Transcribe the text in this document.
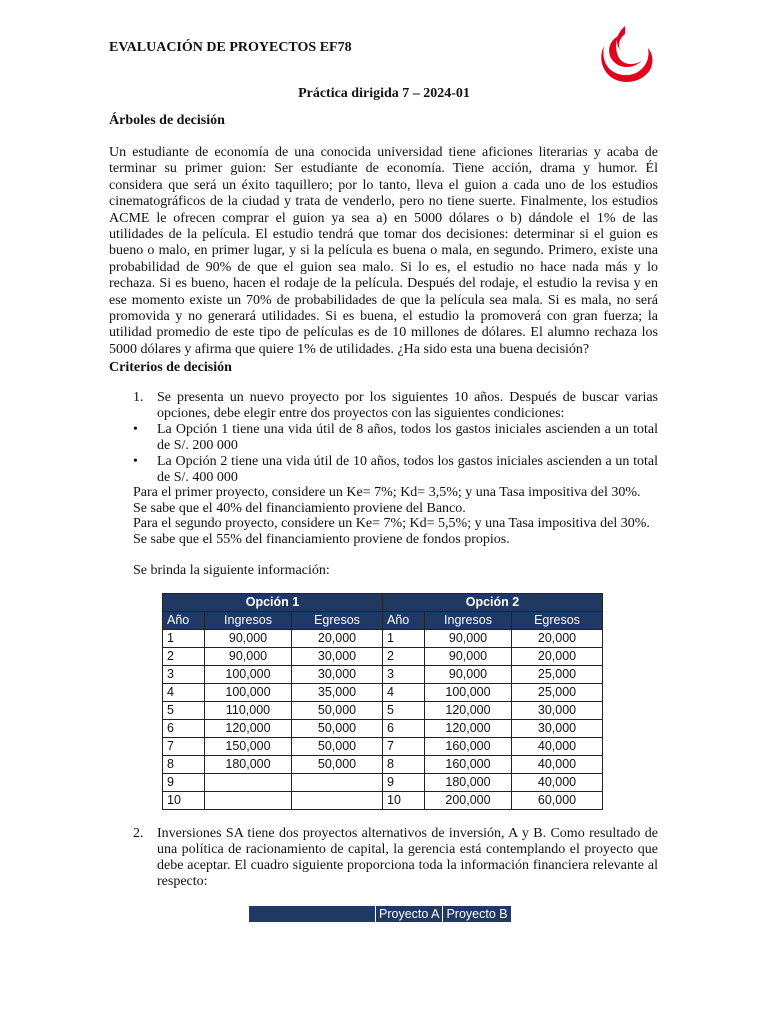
EVALUACIÓN DE PROYECTOS EF78
Práctica dirigida 7 – 2024-01
Árboles de decisión
Un estudiante de economía de una conocida universidad tiene aficiones literarias y acaba de
terminar su primer guion: Ser estudiante de economía. Tiene acción, drama y humor. Él
considera que será un éxito taquillero; por lo tanto, lleva el guion a cada uno de los estudios
cinematográficos de la ciudad y trata de venderlo, pero no tiene suerte. Finalmente, los estudios
ACME le ofrecen comprar el guion ya sea a) en 5000 dólares o b) dándole el 1% de las
utilidades de la película. El estudio tendrá que tomar dos decisiones: determinar si el guion es
bueno o malo, en primer lugar, y si la película es buena o mala, en segundo. Primero, existe una
probabilidad de 90% de que el guion sea malo. Si lo es, el estudio no hace nada más y lo
rechaza. Si es bueno, hacen el rodaje de la película. Después del rodaje, el estudio la revisa y en
ese momento existe un 70% de probabilidades de que la película sea mala. Si es mala, no será
promovida y no generará utilidades. Si es buena, el estudio la promoverá con gran fuerza; la
utilidad promedio de este tipo de películas es de 10 millones de dólares. El alumno rechaza los
5000 dólares y afirma que quiere 1% de utilidades. ¿Ha sido esta una buena decisión?
Criterios de decisión
1. Se presenta un nuevo proyecto por los siguientes 10 años. Después de buscar varias opciones, debe elegir entre dos proyectos con las siguientes condiciones:
• La Opción 1 tiene una vida útil de 8 años, todos los gastos iniciales ascienden a un total de S/. 200 000
• La Opción 2 tiene una vida útil de 10 años, todos los gastos iniciales ascienden a un total de S/. 400 000
Para el primer proyecto, considere un Ke= 7%; Kd= 3,5%; y una Tasa impositiva del 30%.
Se sabe que el 40% del financiamiento proviene del Banco.
Para el segundo proyecto, considere un Ke= 7%; Kd= 5,5%; y una Tasa impositiva del 30%.
Se sabe que el 55% del financiamiento proviene de fondos propios.
Se brinda la siguiente información:
Opción 1			Opción 2		
Año	Ingresos	Egresos	Año	Ingresos	Egresos
1	90,000	20,000	1	90,000	20,000
2	90,000	30,000	2	90,000	20,000
3	100,000	30,000	3	90,000	25,000
4	100,000	35,000	4	100,000	25,000
5	110,000	50,000	5	120,000	30,000
6	120,000	50,000	6	120,000	30,000
7	150,000	50,000	7	160,000	40,000
8	180,000	50,000	8	160,000	40,000
9			9	180,000	40,000
10			10	200,000	60,000
2. Inversiones SA tiene dos proyectos alternativos de inversión, A y B. Como resultado de una política de racionamiento de capital, la gerencia está contemplando el proyecto que debe aceptar. El cuadro siguiente proporciona toda la información financiera relevante al respecto:
	Proyecto A	Proyecto B
